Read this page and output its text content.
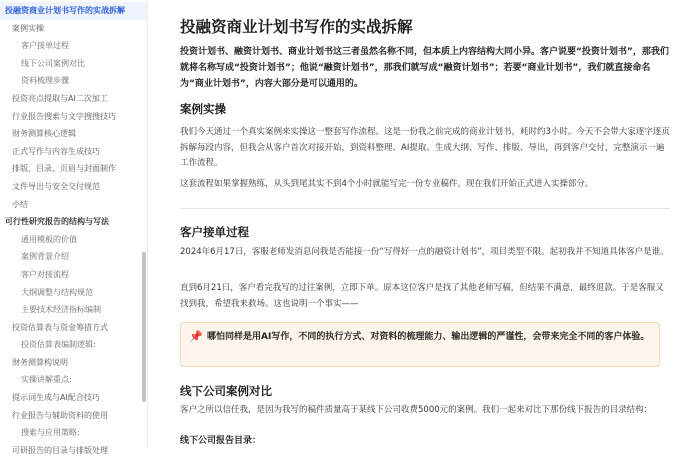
投融资商业计划书写作的实战拆解
案例实操
客户接单过程
线下公司案例对比
资料梳理步骤
投资亮点提取与AI二次加工
行业报告搜索与文字搜搜技巧
财务测算核心逻辑
正式写作与内容生成技巧
排版、目录、页眉与封面制作
文件导出与安全交付规范
小结
可行性研究报告的结构与写法
通用模板的价值
案例背景介绍
客户对接流程
大纲调整与结构规范
主要技术经济指标编制
投资估算表与资金筹措方式
投资估算表编制逻辑:
财务测算构说明
实操讲解重点:
提示词生成与AI配合技巧
行业报告与辅助资料的使用
搜索与应用策略:
可研报告的目录与排版处理
投融资商业计划书写作的实战拆解

投资计划书、融资计划书、商业计划书这三者虽然名称不同，但本质上内容结构大同小异。客户说要“投资计划书”，那我们就将名称写成“投资计划书”；他说“融资计划书”，那我们就写成“融资计划书”；若要“商业计划书”，我们就直接命名为“商业计划书”，内容大部分是可以通用的。

案例实操

我们今天通过一个真实案例来实操这一整套写作流程。这是一份我之前完成的商业计划书，耗时约3小时。今天不会带大家逐字逐页拆解每段内容，但我会从客户首次对接开始，到资料整理、AI提取、生成大纲、写作、排版、导出，再到客户交付，完整演示一遍工作流程。

这套流程如果掌握熟练，从头到尾其实不到4个小时就能写完一份专业稿件。现在我们开始正式进入实操部分。

客户接单过程

2024年6月17日，客服老师发消息问我是否能接一份“写得好一点的融资计划书”，项目类型不限。起初我并不知道具体客户是谁。

直到6月21日，客户看完我写的过往案例，立即下单。原本这位客户是找了其他老师写稿，但结果不满意，最终退款。于是客服又找到我，希望我来救场。这也说明一个事实——

📌 哪怕同样是用AI写作，不同的执行方式、对资料的梳理能力、输出逻辑的严谨性，会带来完全不同的客户体验。
线下公司案例对比

客户之所以信任我，是因为我写的稿件质量高于某线下公司收费5000元的案例。我们一起来对比下那份线下报告的目录结构：

线下公司报告目录：
